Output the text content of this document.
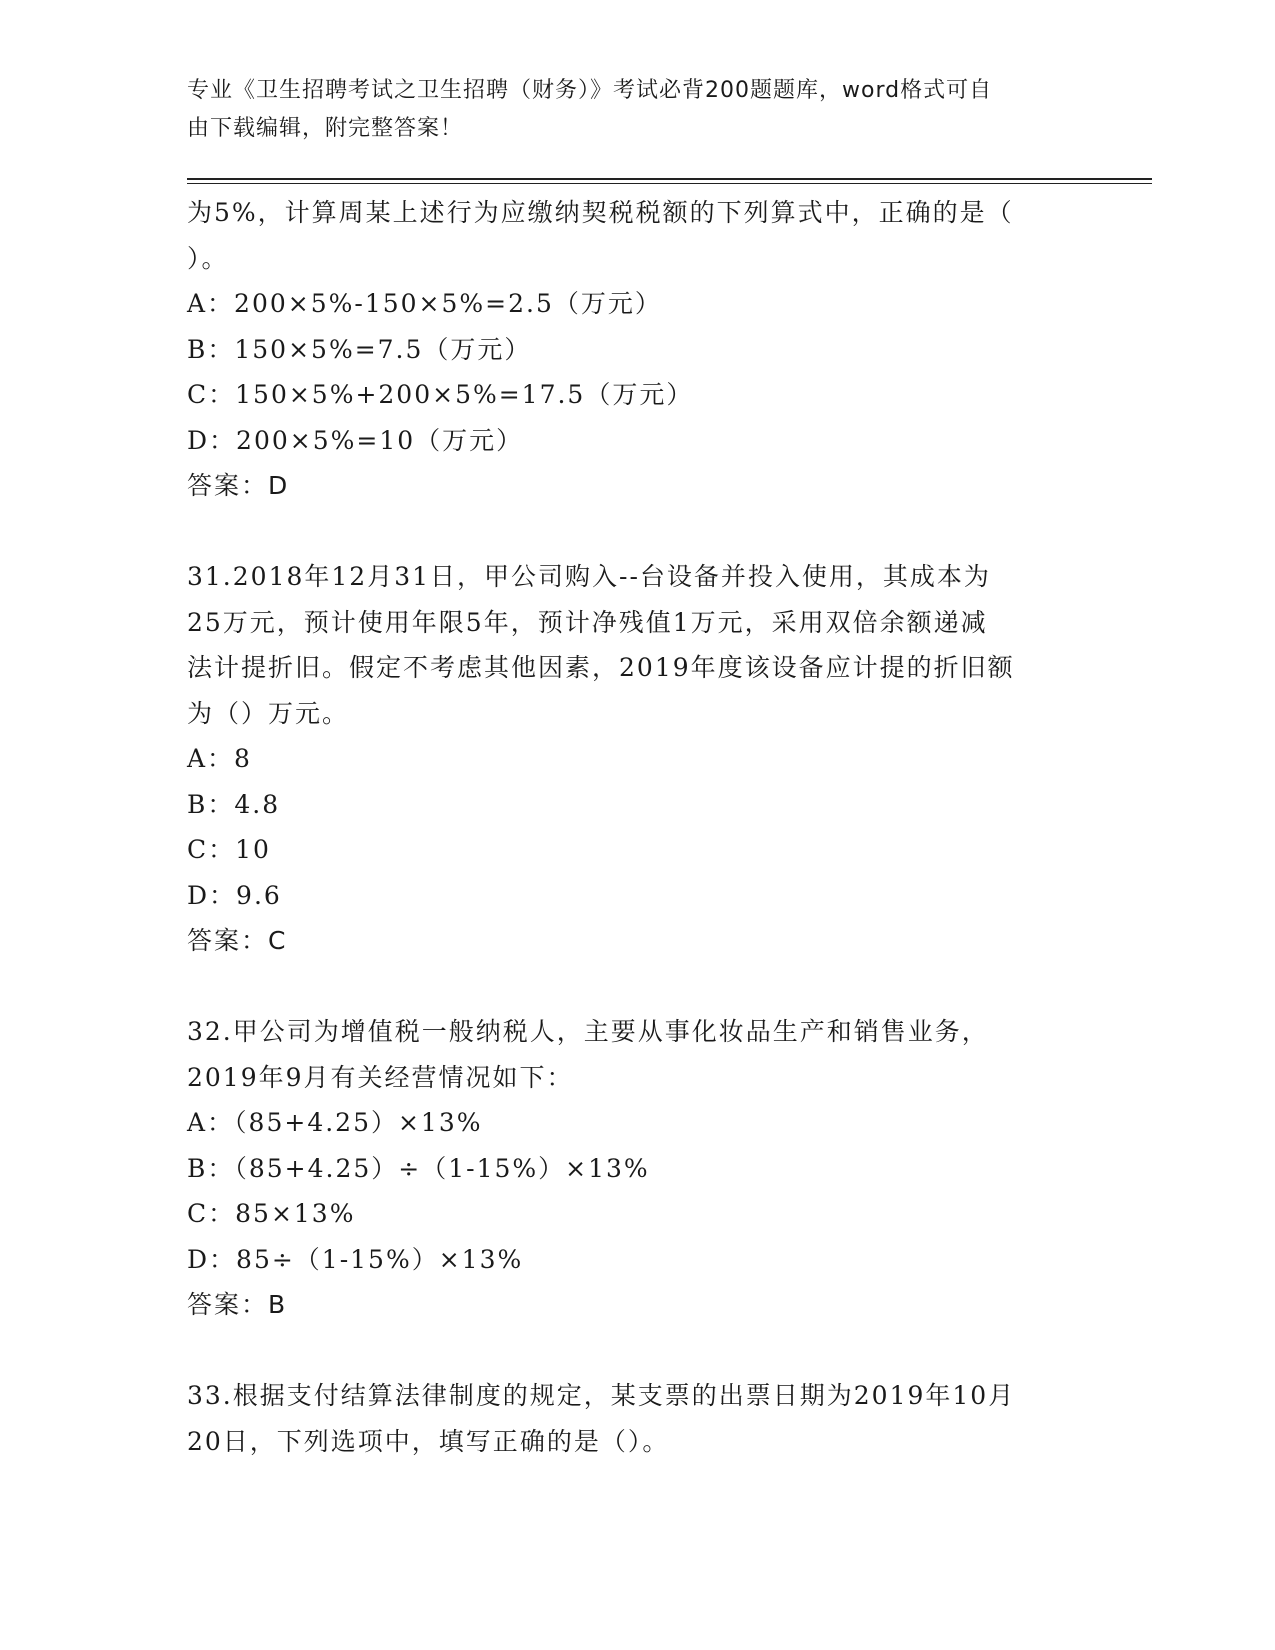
专业《卫生招聘考试之卫生招聘（财务）》考试必背200题题库，word格式可自
由下载编辑，附完整答案！
为5%，计算周某上述行为应缴纳契税税额的下列算式中，正确的是（
）。
A：200×5%-150×5%=2.5（万元）
B：150×5%=7.5（万元）
C：150×5%+200×5%=17.5（万元）
D：200×5%=10（万元）
答案：D
31.2018年12月31日，甲公司购入--台设备并投入使用，其成本为
25万元，预计使用年限5年，预计净残值1万元，采用双倍余额递减
法计提折旧。假定不考虑其他因素，2019年度该设备应计提的折旧额
为（）万元。
A：8
B：4.8
C：10
D：9.6
答案：C
32.甲公司为增值税一般纳税人，主要从事化妆品生产和销售业务，
2019年9月有关经营情况如下：
A：（85+4.25）×13%
B：（85+4.25）÷（1-15%）×13%
C：85×13%
D：85÷（1-15%）×13%
答案：B
33.根据支付结算法律制度的规定，某支票的出票日期为2019年10月
20日，下列选项中，填写正确的是（）。
